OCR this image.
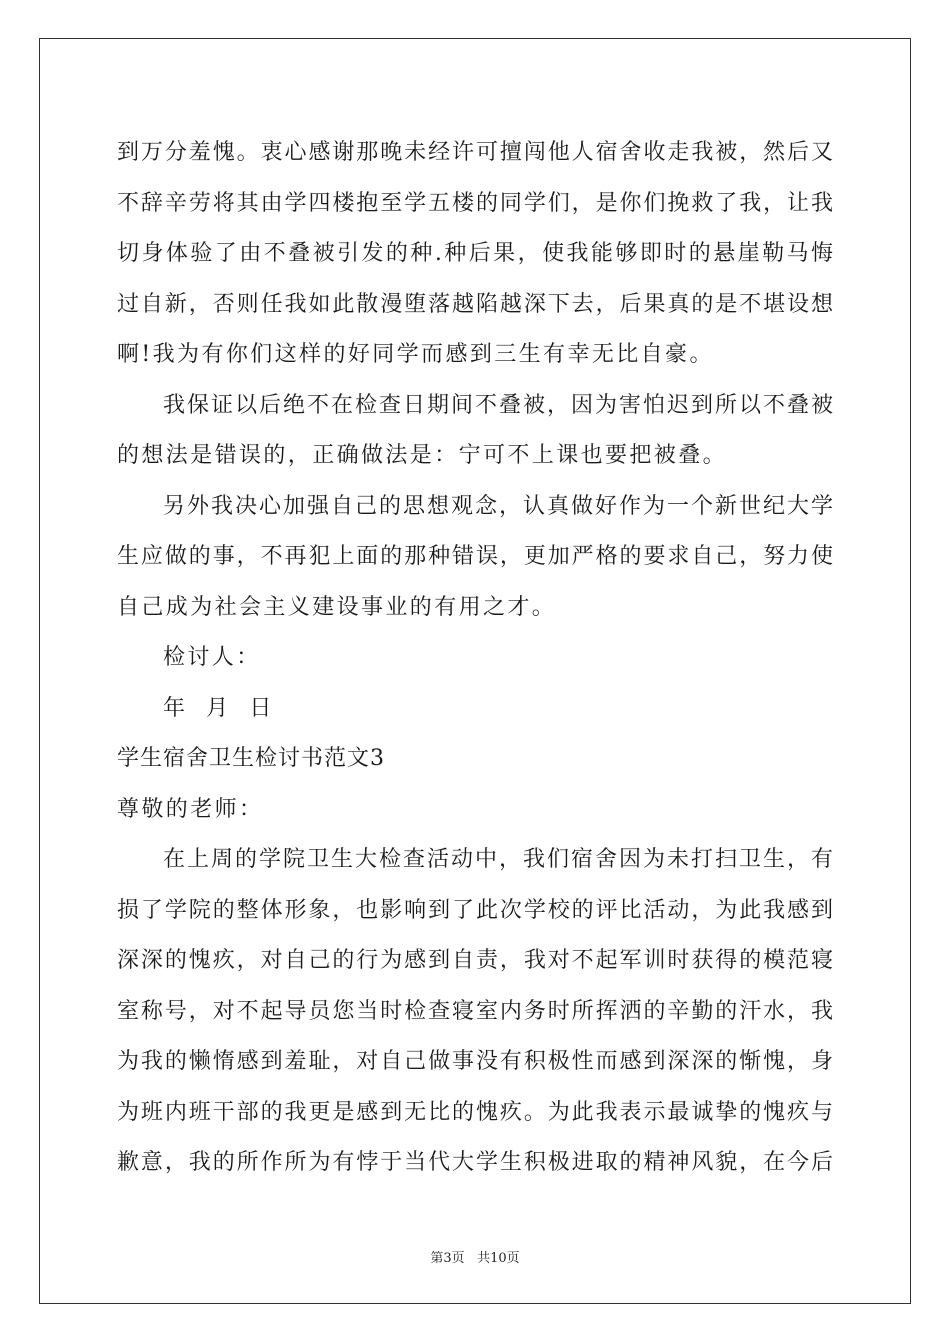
到万分羞愧。衷心感谢那晚未经许可擅闯他人宿舍收走我被，然后又
不辞辛劳将其由学四楼抱至学五楼的同学们，是你们挽救了我，让我
切身体验了由不叠被引发的种.种后果，使我能够即时的悬崖勒马悔
过自新，否则任我如此散漫堕落越陷越深下去，后果真的是不堪设想
啊!我为有你们这样的好同学而感到三生有幸无比自豪。
我保证以后绝不在检查日期间不叠被，因为害怕迟到所以不叠被
的想法是错误的，正确做法是：宁可不上课也要把被叠。
另外我决心加强自己的思想观念，认真做好作为一个新世纪大学
生应做的事，不再犯上面的那种错误，更加严格的要求自己，努力使
自己成为社会主义建设事业的有用之才。
检讨人：
年  月  日
学生宿舍卫生检讨书范文3
尊敬的老师：
在上周的学院卫生大检查活动中，我们宿舍因为未打扫卫生，有
损了学院的整体形象，也影响到了此次学校的评比活动，为此我感到
深深的愧疚，对自己的行为感到自责，我对不起军训时获得的模范寝
室称号，对不起导员您当时检查寝室内务时所挥洒的辛勤的汗水，我
为我的懒惰感到羞耻，对自己做事没有积极性而感到深深的惭愧，身
为班内班干部的我更是感到无比的愧疚。为此我表示最诚挚的愧疚与
歉意，我的所作所为有悖于当代大学生积极进取的精神风貌，在今后
第3页 共10页
